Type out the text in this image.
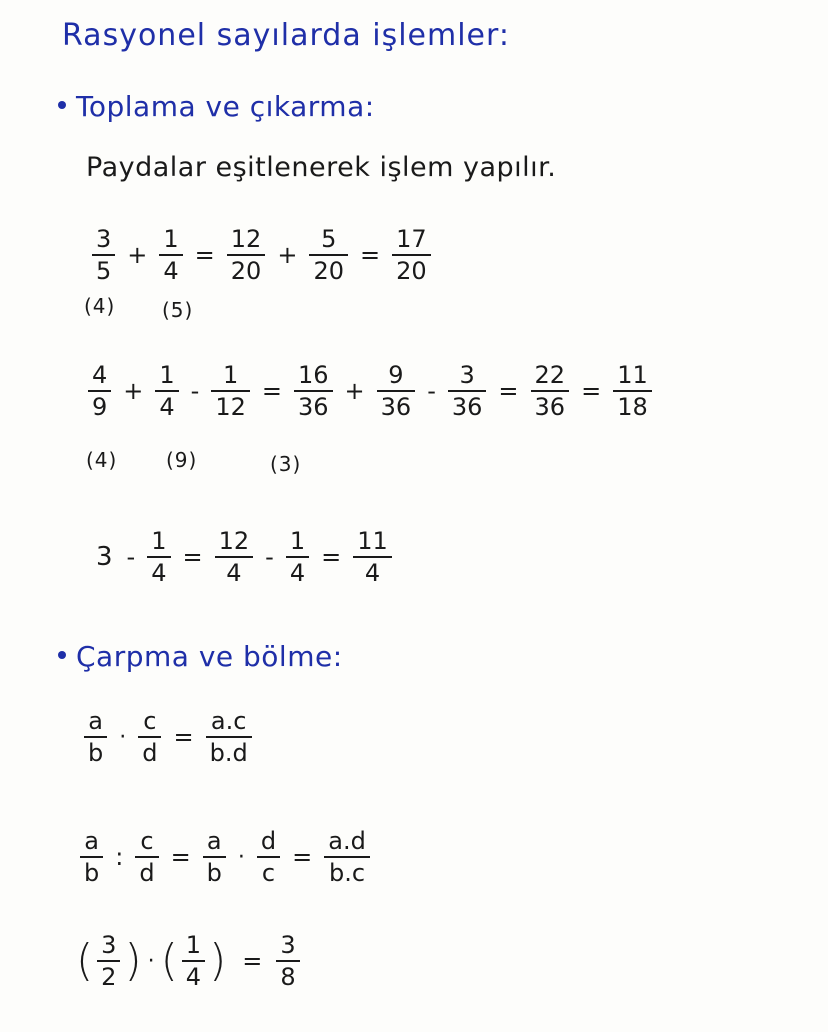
Rasyonel sayılarda işlemler:
Toplama ve çıkarma:
Paydalar eşitlenerek işlem yapılır.
$\frac{3}{5} + \frac{1}{4} = \frac{12}{20} + \frac{5}{20} = \frac{17}{20}$
(4) (5)
$\frac{4}{9} + \frac{1}{4} - \frac{1}{12} = \frac{16}{36} + \frac{9}{36} - \frac{3}{36} = \frac{22}{36} = \frac{11}{18}$
(4) (9)	(3)
$3 - \frac{1}{4} = \frac{12}{4} - \frac{1}{4} = \frac{11}{4}$
Çarpma ve bölme:
$\frac{a}{b} \cdot \frac{c}{d} = \frac{a.c}{b.d}$
$\frac{a}{b}$ : $\frac{c}{d} = \frac{a}{b} \cdot \frac{d}{c} = \frac{a.d}{b.c}$
( $\frac{3}{2}$ ) · ( $\frac{1}{4}$ ) = $\frac{3}{8}$
